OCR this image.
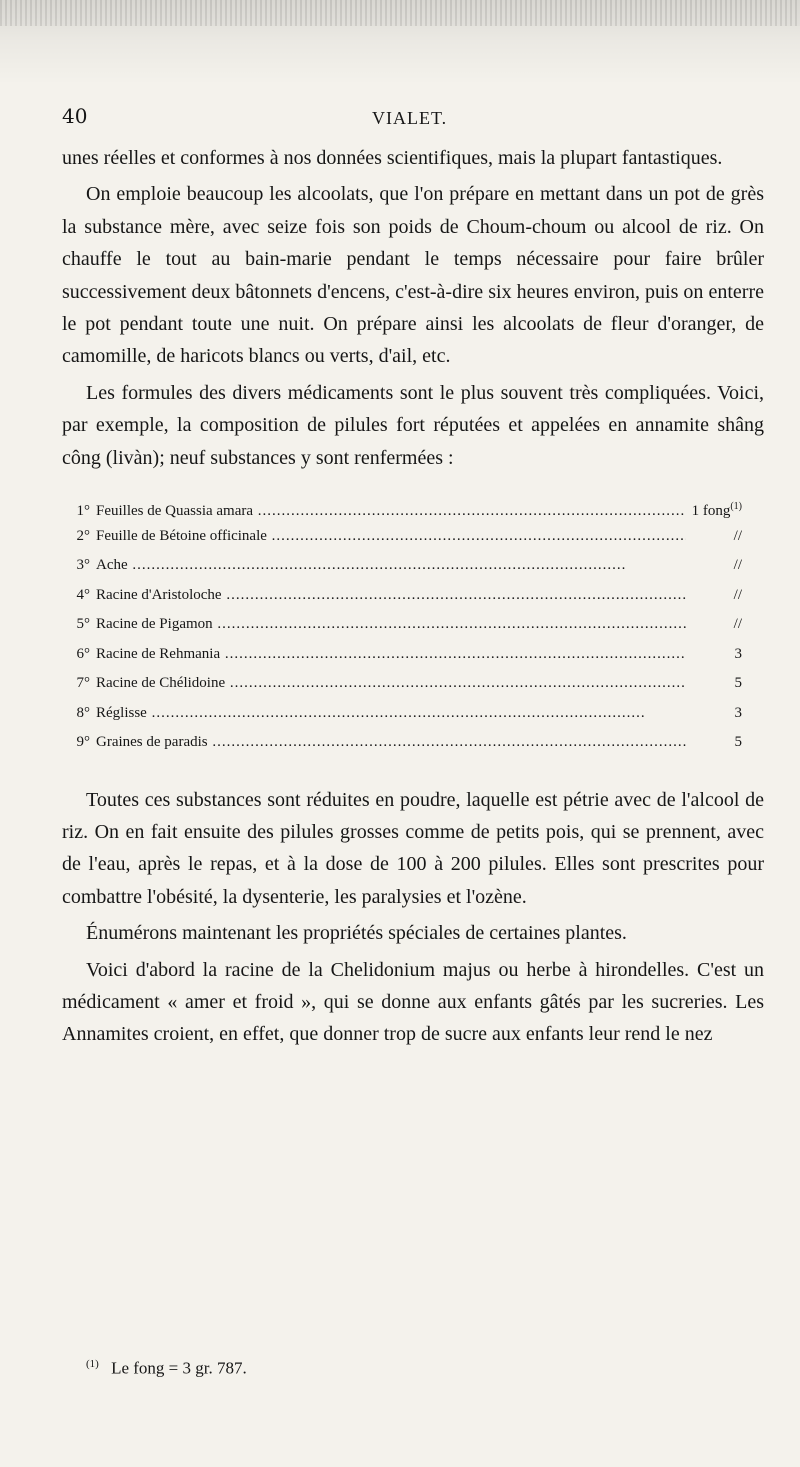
40	VIALET.

unes réelles et conformes à nos données scientifiques, mais la plupart fantastiques.

On emploie beaucoup les alcoolats, que l'on prépare en mettant dans un pot de grès la substance mère, avec seize fois son poids de Choum-choum ou alcool de riz. On chauffe le tout au bain-marie pendant le temps nécessaire pour faire brûler successivement deux bâtonnets d'encens, c'est-à-dire six heures environ, puis on enterre le pot pendant toute une nuit. On prépare ainsi les alcoolats de fleur d'oranger, de camomille, de haricots blancs ou verts, d'ail, etc.

Les formules des divers médicaments sont le plus souvent très compliquées. Voici, par exemple, la composition de pilules fort réputées et appelées en annamite shâng công (livàn); neuf substances y sont renfermées :

1° Feuilles de Quassia amara .....	1 fong$^{(1)}$
2° Feuille de Bétoine officinale .....	//
3° Ache .....	//
4° Racine d'Aristoloche .....	//
5° Racine de Pigamon .....	//
6° Racine de Rehmania .....	3
7° Racine de Chélidoine .....	5
8° Réglisse .....	3
9° Graines de paradis .....	5

Toutes ces substances sont réduites en poudre, laquelle est pétrie avec de l'alcool de riz. On en fait ensuite des pilules grosses comme de petits pois, qui se prennent, avec de l'eau, après le repas, et à la dose de 100 à 200 pilules. Elles sont prescrites pour combattre l'obésité, la dysenterie, les paralysies et l'ozène.

Énumérons maintenant les propriétés spéciales de certaines plantes.

Voici d'abord la racine de la Chelidonium majus ou herbe à hirondelles. C'est un médicament « amer et froid », qui se donne aux enfants gâtés par les sucreries. Les Annamites croient, en effet, que donner trop de sucre aux enfants leur rend le nez

$^{(1)}$ Le fong = 3 gr. 787.
